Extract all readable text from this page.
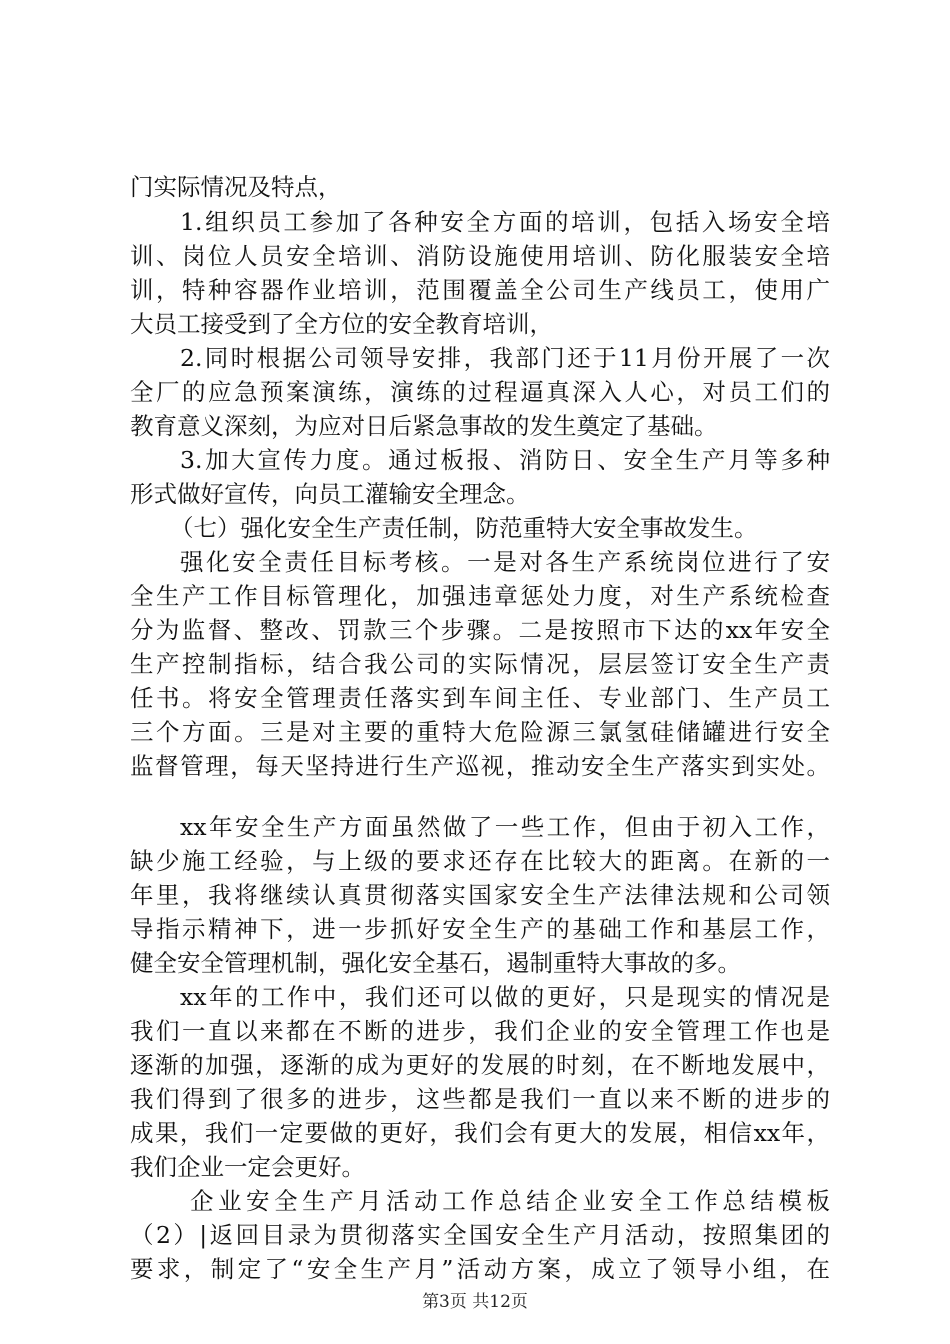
门实际情况及特点，
1.组织员工参加了各种安全方面的培训，包括入场安全培
训、岗位人员安全培训、消防设施使用培训、防化服装安全培
训，特种容器作业培训，范围覆盖全公司生产线员工，使用广
大员工接受到了全方位的安全教育培训，
2.同时根据公司领导安排，我部门还于11月份开展了一次
全厂的应急预案演练，演练的过程逼真深入人心，对员工们的
教育意义深刻，为应对日后紧急事故的发生奠定了基础。
3.加大宣传力度。通过板报、消防日、安全生产月等多种
形式做好宣传，向员工灌输安全理念。
（七）强化安全生产责任制，防范重特大安全事故发生。
强化安全责任目标考核。一是对各生产系统岗位进行了安
全生产工作目标管理化，加强违章惩处力度，对生产系统检查
分为监督、整改、罚款三个步骤。二是按照市下达的xx年安全
生产控制指标，结合我公司的实际情况，层层签订安全生产责
任书。将安全管理责任落实到车间主任、专业部门、生产员工
三个方面。三是对主要的重特大危险源三氯氢硅储罐进行安全
监督管理，每天坚持进行生产巡视，推动安全生产落实到实处。
xx年安全生产方面虽然做了一些工作，但由于初入工作，
缺少施工经验，与上级的要求还存在比较大的距离。在新的一
年里，我将继续认真贯彻落实国家安全生产法律法规和公司领
导指示精神下，进一步抓好安全生产的基础工作和基层工作，
健全安全管理机制，强化安全基石，遏制重特大事故的多。
xx年的工作中，我们还可以做的更好，只是现实的情况是
我们一直以来都在不断的进步，我们企业的安全管理工作也是
逐渐的加强，逐渐的成为更好的发展的时刻，在不断地发展中，
我们得到了很多的进步，这些都是我们一直以来不断的进步的
成果，我们一定要做的更好，我们会有更大的发展，相信xx年，
我们企业一定会更好。
企业安全生产月活动工作总结企业安全工作总结模板
（2）|返回目录为贯彻落实全国安全生产月活动，按照集团的
要求，制定了“安全生产月”活动方案，成立了领导小组，在
第3页 共12页
